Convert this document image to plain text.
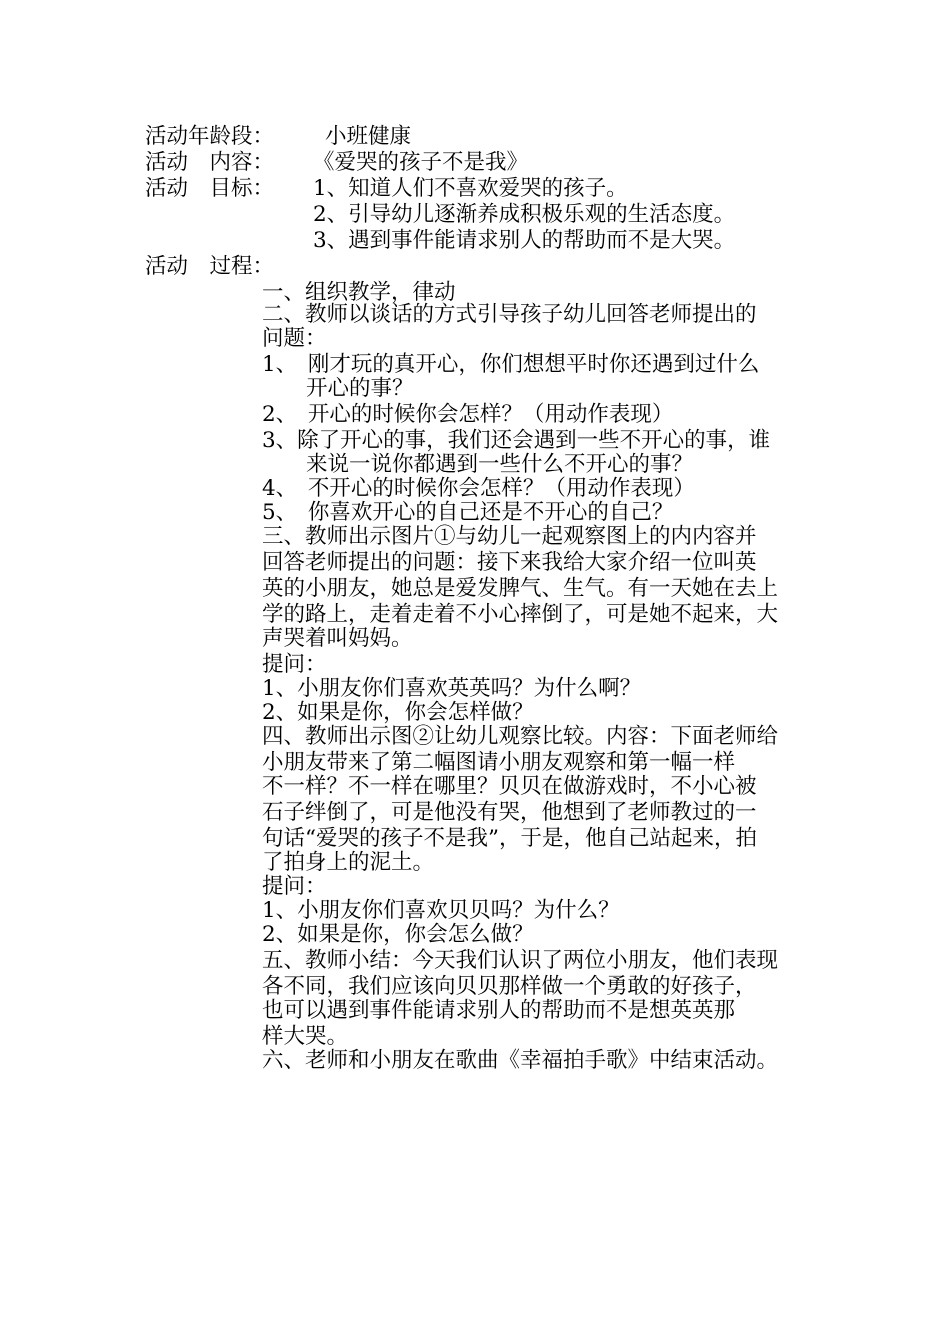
活动年龄段： 小班健康
活动　内容： 《爱哭的孩子不是我》
活动　目标： 1、知道人们不喜欢爱哭的孩子。
2、引导幼儿逐渐养成积极乐观的生活态度。
3、遇到事件能请求别人的帮助而不是大哭。
活动　过程：
一、组织教学，律动
二、教师以谈话的方式引导孩子幼儿回答老师提出的
问题：
1、　刚才玩的真开心，你们想想平时你还遇到过什么
开心的事？
2、　开心的时候你会怎样？（用动作表现）
3、除了开心的事，我们还会遇到一些不开心的事，谁
来说一说你都遇到一些什么不开心的事？
4、　不开心的时候你会怎样？（用动作表现）
5、　你喜欢开心的自己还是不开心的自己？
三、教师出示图片①与幼儿一起观察图上的内内容并
回答老师提出的问题：接下来我给大家介绍一位叫英
英的小朋友，她总是爱发脾气、生气。有一天她在去上
学的路上，走着走着不小心摔倒了，可是她不起来，大
声哭着叫妈妈。
提问：
1、小朋友你们喜欢英英吗？为什么啊？
2、如果是你，你会怎样做？
四、教师出示图②让幼儿观察比较。内容：下面老师给
小朋友带来了第二幅图请小朋友观察和第一幅一样
不一样？不一样在哪里？贝贝在做游戏时，不小心被
石子绊倒了，可是他没有哭，他想到了老师教过的一
句话“爱哭的孩子不是我”，于是，他自己站起来，拍
了拍身上的泥土。
提问：
1、小朋友你们喜欢贝贝吗？为什么？
2、如果是你，你会怎么做？
五、教师小结：今天我们认识了两位小朋友，他们表现
各不同，我们应该向贝贝那样做一个勇敢的好孩子，
也可以遇到事件能请求别人的帮助而不是想英英那
样大哭。
六、老师和小朋友在歌曲《幸福拍手歌》中结束活动。
